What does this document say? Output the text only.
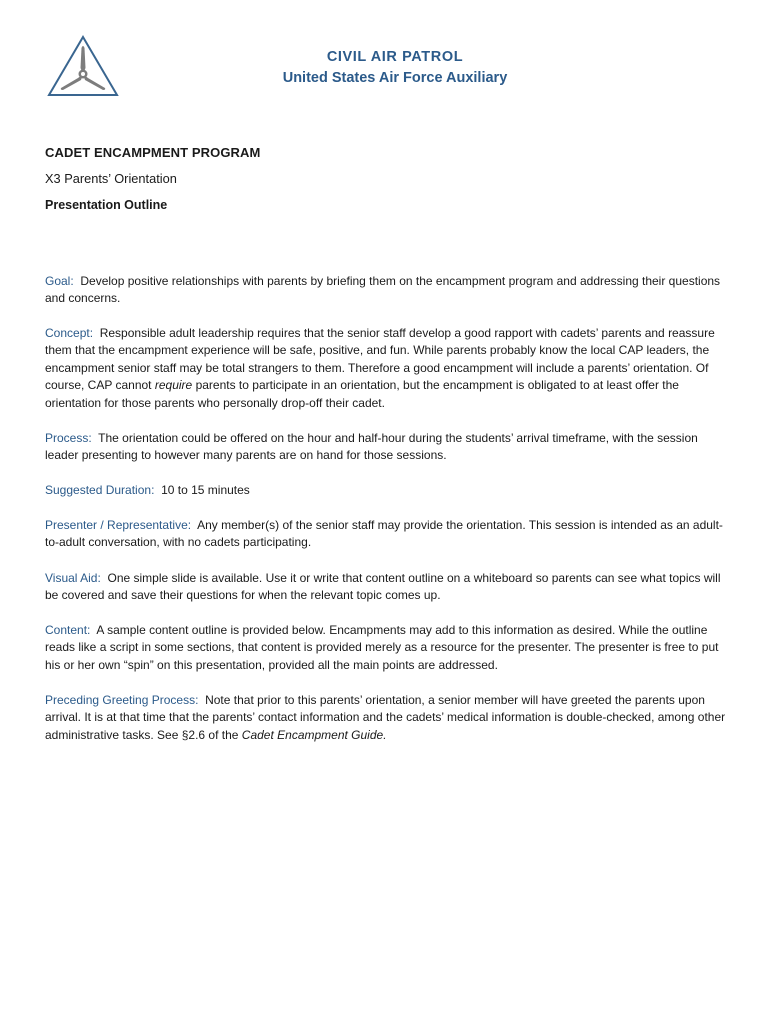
CIVIL AIR PATROL
United States Air Force Auxiliary
CADET ENCAMPMENT PROGRAM
X3 Parents’ Orientation
Presentation Outline

Goal: Develop positive relationships with parents by briefing them on the encampment program and addressing their questions and concerns.

Concept: Responsible adult leadership requires that the senior staff develop a good rapport with cadets’ parents and reassure them that the encampment experience will be safe, positive, and fun. While parents probably know the local CAP leaders, the encampment senior staff may be total strangers to them. Therefore a good encampment will include a parents’ orientation. Of course, CAP cannot require parents to participate in an orientation, but the encampment is obligated to at least offer the orientation for those parents who personally drop-off their cadet.

Process: The orientation could be offered on the hour and half-hour during the students’ arrival timeframe, with the session leader presenting to however many parents are on hand for those sessions.

Suggested Duration: 10 to 15 minutes

Presenter / Representative: Any member(s) of the senior staff may provide the orientation. This session is intended as an adult-to-adult conversation, with no cadets participating.

Visual Aid: One simple slide is available. Use it or write that content outline on a whiteboard so parents can see what topics will be covered and save their questions for when the relevant topic comes up.

Content: A sample content outline is provided below. Encampments may add to this information as desired. While the outline reads like a script in some sections, that content is provided merely as a resource for the presenter. The presenter is free to put his or her own “spin” on this presentation, provided all the main points are addressed.

Preceding Greeting Process: Note that prior to this parents’ orientation, a senior member will have greeted the parents upon arrival. It is at that time that the parents’ contact information and the cadets’ medical information is double-checked, among other administrative tasks. See §2.6 of the Cadet Encampment Guide.
